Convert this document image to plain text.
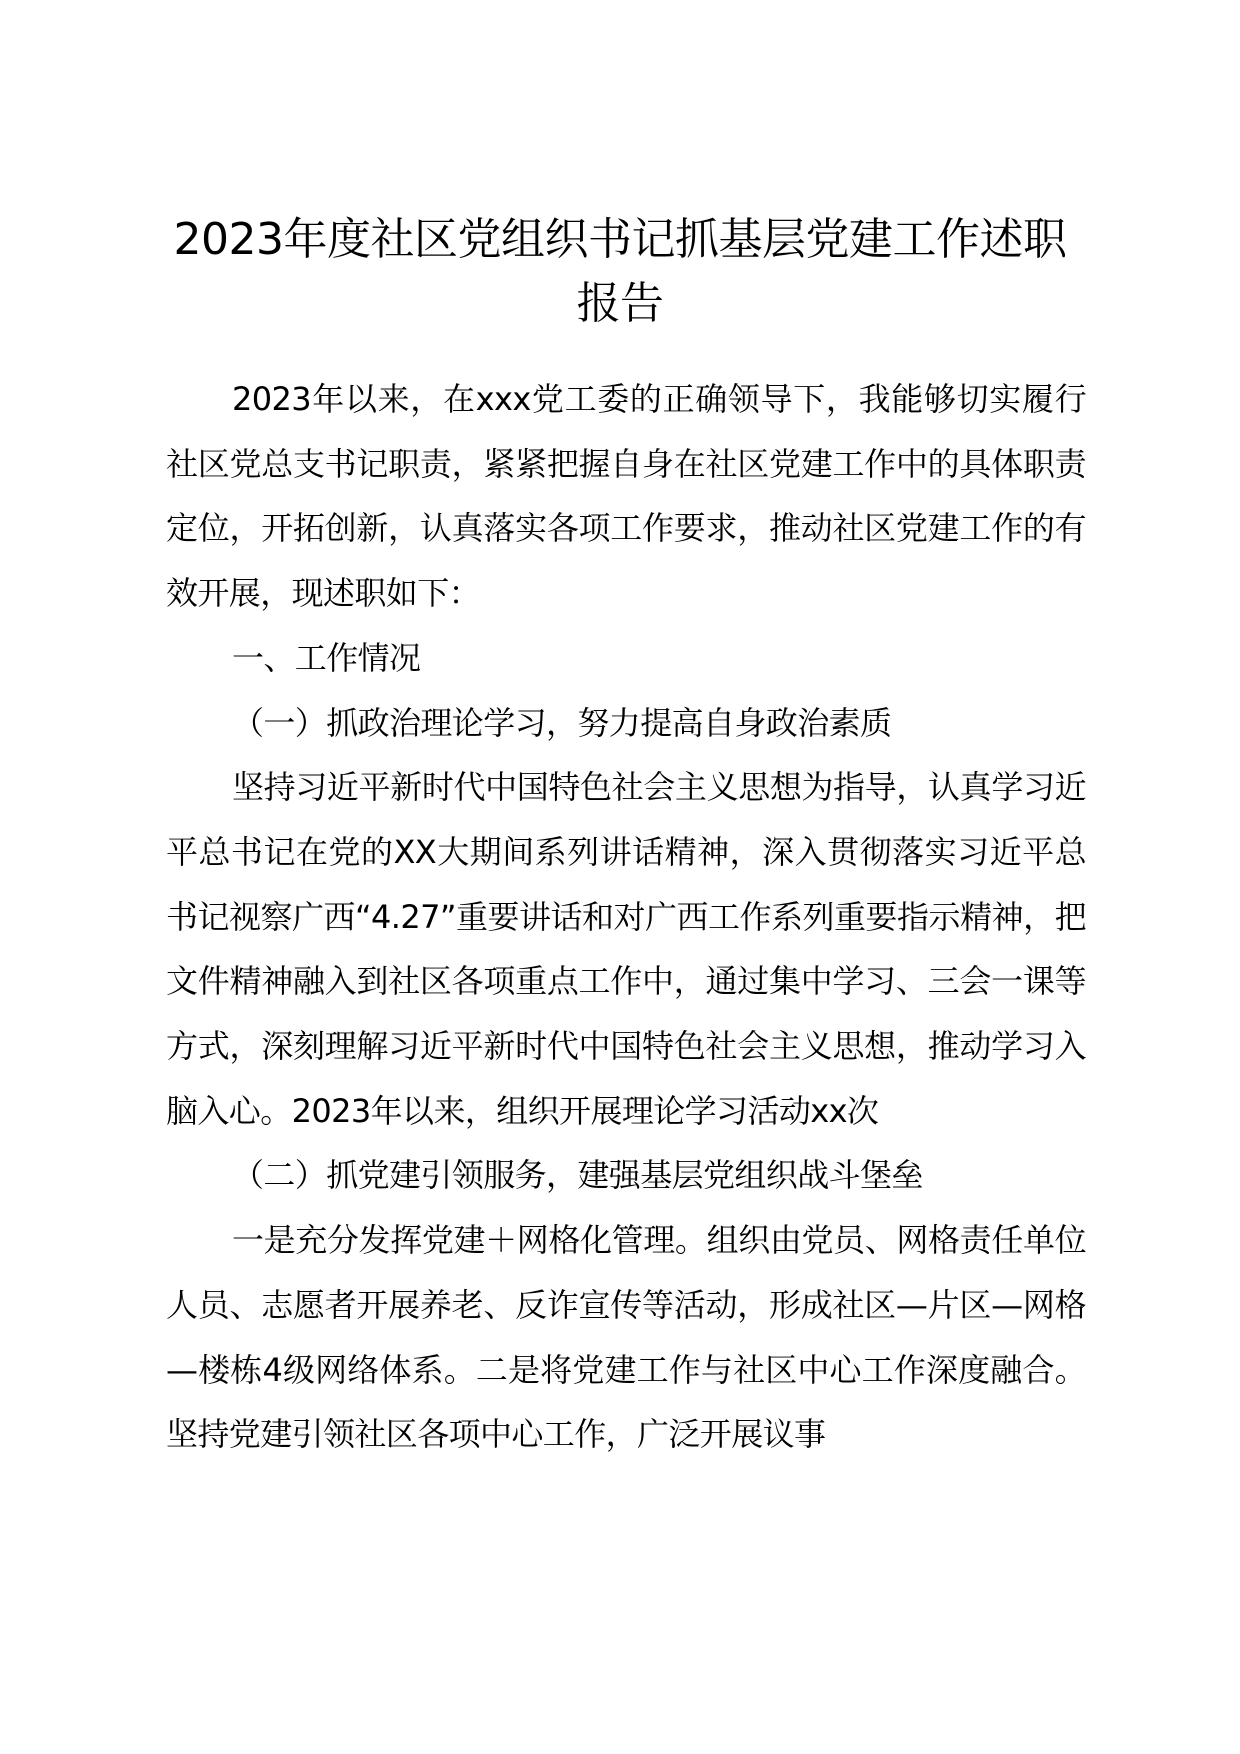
2023年度社区党组织书记抓基层党建工作述职报告

2023年以来，在xxx党工委的正确领导下，我能够切实履行社区党总支书记职责，紧紧把握自身在社区党建工作中的具体职责定位，开拓创新，认真落实各项工作要求，推动社区党建工作的有效开展，现述职如下：

一、工作情况

（一）抓政治理论学习，努力提高自身政治素质

坚持习近平新时代中国特色社会主义思想为指导，认真学习近平总书记在党的XX大期间系列讲话精神，深入贯彻落实习近平总书记视察广西“4.27”重要讲话和对广西工作系列重要指示精神，把文件精神融入到社区各项重点工作中，通过集中学习、三会一课等方式，深刻理解习近平新时代中国特色社会主义思想，推动学习入脑入心。2023年以来，组织开展理论学习活动xx次

（二）抓党建引领服务，建强基层党组织战斗堡垒

一是充分发挥党建＋网格化管理。组织由党员、网格责任单位人员、志愿者开展养老、反诈宣传等活动，形成社区—片区—网格—楼栋4级网络体系。二是将党建工作与社区中心工作深度融合。坚持党建引领社区各项中心工作，广泛开展议事
